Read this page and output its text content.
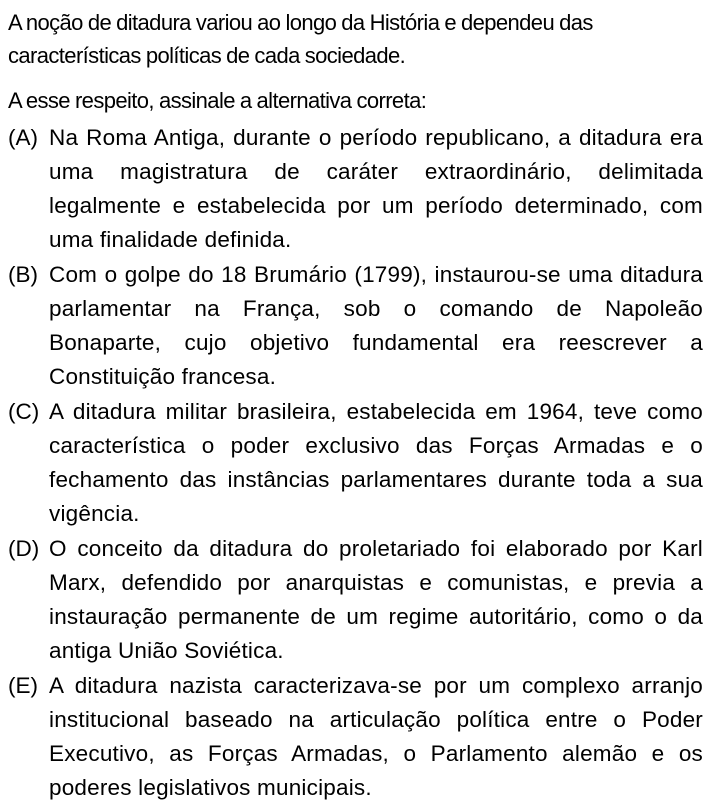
A noção de ditadura variou ao longo da História e dependeu das características políticas de cada sociedade.

A esse respeito, assinale a alternativa correta:

(A) Na Roma Antiga, durante o período republicano, a ditadura era uma magistratura de caráter extraordinário, delimitada legalmente e estabelecida por um período determinado, com uma finalidade definida.

(B) Com o golpe do 18 Brumário (1799), instaurou-se uma ditadura parlamentar na França, sob o comando de Napoleão Bonaparte, cujo objetivo fundamental era reescrever a Constituição francesa.

(C) A ditadura militar brasileira, estabelecida em 1964, teve como característica o poder exclusivo das Forças Armadas e o fechamento das instâncias parlamentares durante toda a sua vigência.

(D) O conceito da ditadura do proletariado foi elaborado por Karl Marx, defendido por anarquistas e comunistas, e previa a instauração permanente de um regime autoritário, como o da antiga União Soviética.

(E) A ditadura nazista caracterizava-se por um complexo arranjo institucional baseado na articulação política entre o Poder Executivo, as Forças Armadas, o Parlamento alemão e os poderes legislativos municipais.
